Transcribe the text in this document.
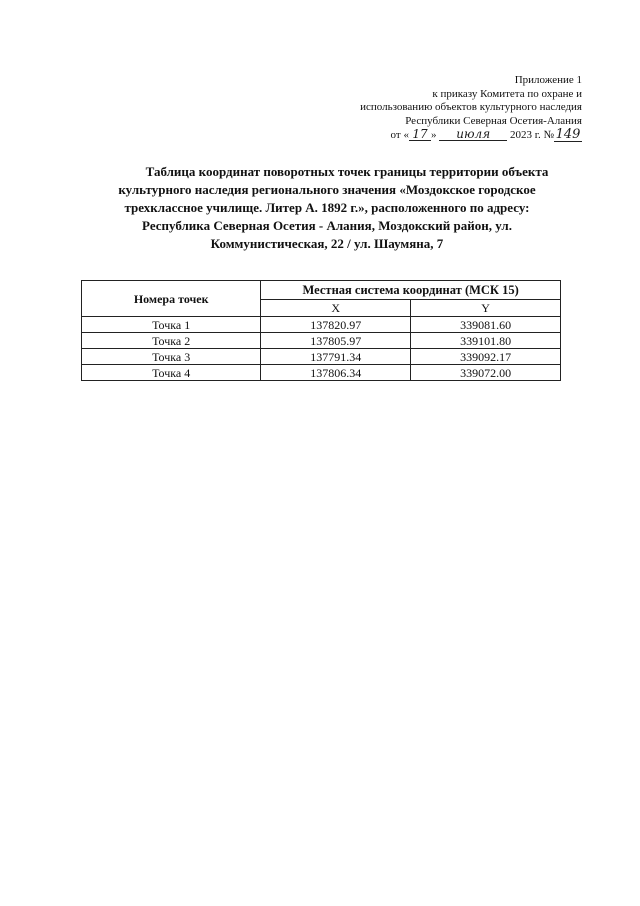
Приложение 1
к приказу Комитета по охране и
использованию объектов культурного наследия
Республики Северная Осетия-Алания
от « 17 » июля 2023 г. № 149
Таблица координат поворотных точек границы территории объекта культурного наследия регионального значения «Моздокское городское трехклассное училище. Литер А. 1892 г.», расположенного по адресу: Республика Северная Осетия - Алания, Моздокский район, ул. Коммунистическая, 22 / ул. Шаумяна, 7
Номера точек	Местная система координат (МСК 15)	
	X	Y
Точка 1	137820.97	339081.60
Точка 2	137805.97	339101.80
Точка 3	137791.34	339092.17
Точка 4	137806.34	339072.00
